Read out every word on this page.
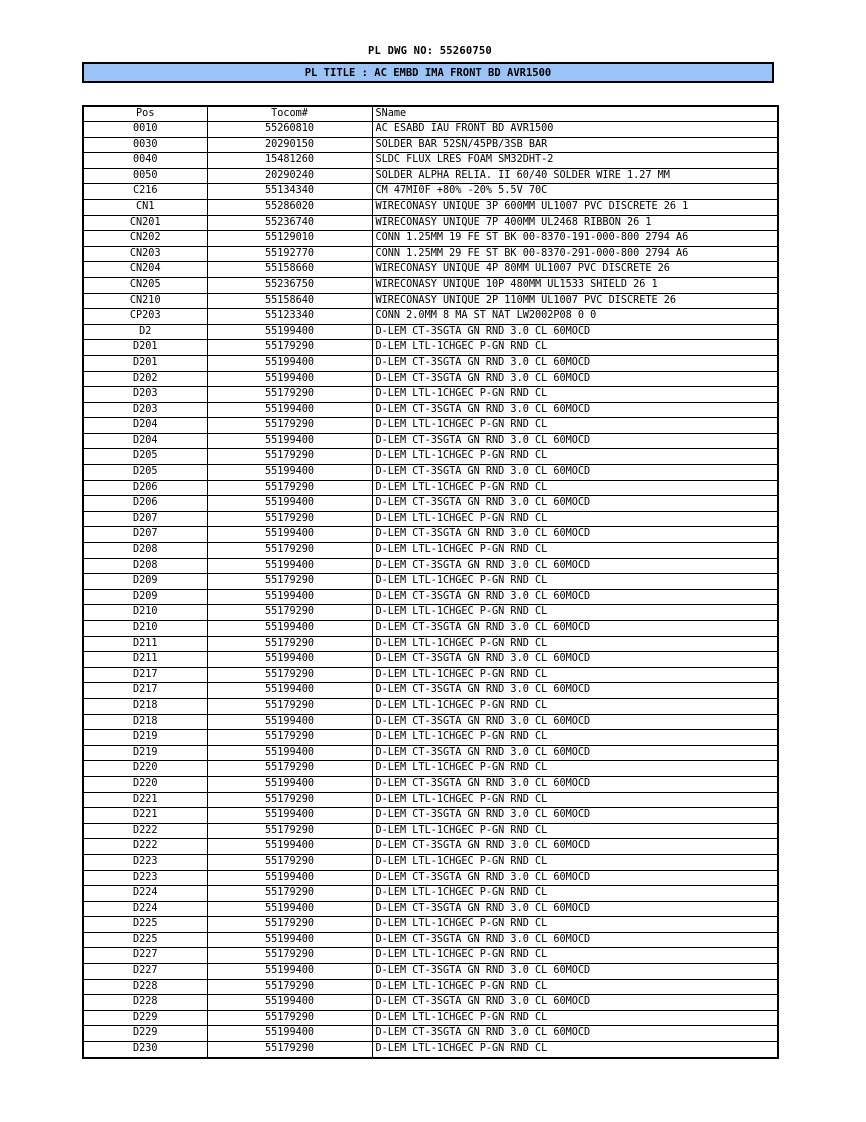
PL DWG NO: 55260750
PL TITLE : AC EMBD IMA FRONT BD AVR1500
Pos	Tocom#	SName
0010	55260810	AC ESABD IAU FRONT BD AVR1500
0030	20290150	SOLDER BAR 52SN/45PB/3SB BAR
0040	15481260	SLDC FLUX LRES FOAM SM32DHT-2
0050	20290240	SOLDER ALPHA RELIA. II 60/40 SOLDER WIRE 1.27 MM
C216	55134340	CM 47MI0F +80% -20% 5.5V 70C
CN1	55286020	WIRECONASY UNIQUE 3P 600MM UL1007 PVC DISCRETE 26 1
CN201	55236740	WIRECONASY UNIQUE 7P 400MM UL2468 RIBBON 26 1
CN202	55129010	CONN 1.25MM 19 FE ST BK 00-8370-191-000-800 2794 A6
CN203	55192770	CONN 1.25MM 29 FE ST BK 00-8370-291-000-800 2794 A6
CN204	55158660	WIRECONASY UNIQUE 4P 80MM UL1007 PVC DISCRETE 26
CN205	55236750	WIRECONASY UNIQUE 10P 480MM UL1533 SHIELD 26 1
CN210	55158640	WIRECONASY UNIQUE 2P 110MM UL1007 PVC DISCRETE 26
CP203	55123340	CONN 2.0MM 8 MA ST NAT LW2002P08 0 0
D2	55199400	D-LEM CT-3SGTA GN RND 3.0 CL 60MOCD
D201	55179290	D-LEM LTL-1CHGEC P-GN RND CL
D201	55199400	D-LEM CT-3SGTA GN RND 3.0 CL 60MOCD
D202	55199400	D-LEM CT-3SGTA GN RND 3.0 CL 60MOCD
D203	55179290	D-LEM LTL-1CHGEC P-GN RND CL
D203	55199400	D-LEM CT-3SGTA GN RND 3.0 CL 60MOCD
D204	55179290	D-LEM LTL-1CHGEC P-GN RND CL
D204	55199400	D-LEM CT-3SGTA GN RND 3.0 CL 60MOCD
D205	55179290	D-LEM LTL-1CHGEC P-GN RND CL
D205	55199400	D-LEM CT-3SGTA GN RND 3.0 CL 60MOCD
D206	55179290	D-LEM LTL-1CHGEC P-GN RND CL
D206	55199400	D-LEM CT-3SGTA GN RND 3.0 CL 60MOCD
D207	55179290	D-LEM LTL-1CHGEC P-GN RND CL
D207	55199400	D-LEM CT-3SGTA GN RND 3.0 CL 60MOCD
D208	55179290	D-LEM LTL-1CHGEC P-GN RND CL
D208	55199400	D-LEM CT-3SGTA GN RND 3.0 CL 60MOCD
D209	55179290	D-LEM LTL-1CHGEC P-GN RND CL
D209	55199400	D-LEM CT-3SGTA GN RND 3.0 CL 60MOCD
D210	55179290	D-LEM LTL-1CHGEC P-GN RND CL
D210	55199400	D-LEM CT-3SGTA GN RND 3.0 CL 60MOCD
D211	55179290	D-LEM LTL-1CHGEC P-GN RND CL
D211	55199400	D-LEM CT-3SGTA GN RND 3.0 CL 60MOCD
D217	55179290	D-LEM LTL-1CHGEC P-GN RND CL
D217	55199400	D-LEM CT-3SGTA GN RND 3.0 CL 60MOCD
D218	55179290	D-LEM LTL-1CHGEC P-GN RND CL
D218	55199400	D-LEM CT-3SGTA GN RND 3.0 CL 60MOCD
D219	55179290	D-LEM LTL-1CHGEC P-GN RND CL
D219	55199400	D-LEM CT-3SGTA GN RND 3.0 CL 60MOCD
D220	55179290	D-LEM LTL-1CHGEC P-GN RND CL
D220	55199400	D-LEM CT-3SGTA GN RND 3.0 CL 60MOCD
D221	55179290	D-LEM LTL-1CHGEC P-GN RND CL
D221	55199400	D-LEM CT-3SGTA GN RND 3.0 CL 60MOCD
D222	55179290	D-LEM LTL-1CHGEC P-GN RND CL
D222	55199400	D-LEM CT-3SGTA GN RND 3.0 CL 60MOCD
D223	55179290	D-LEM LTL-1CHGEC P-GN RND CL
D223	55199400	D-LEM CT-3SGTA GN RND 3.0 CL 60MOCD
D224	55179290	D-LEM LTL-1CHGEC P-GN RND CL
D224	55199400	D-LEM CT-3SGTA GN RND 3.0 CL 60MOCD
D225	55179290	D-LEM LTL-1CHGEC P-GN RND CL
D225	55199400	D-LEM CT-3SGTA GN RND 3.0 CL 60MOCD
D227	55179290	D-LEM LTL-1CHGEC P-GN RND CL
D227	55199400	D-LEM CT-3SGTA GN RND 3.0 CL 60MOCD
D228	55179290	D-LEM LTL-1CHGEC P-GN RND CL
D228	55199400	D-LEM CT-3SGTA GN RND 3.0 CL 60MOCD
D229	55179290	D-LEM LTL-1CHGEC P-GN RND CL
D229	55199400	D-LEM CT-3SGTA GN RND 3.0 CL 60MOCD
D230	55179290	D-LEM LTL-1CHGEC P-GN RND CL
